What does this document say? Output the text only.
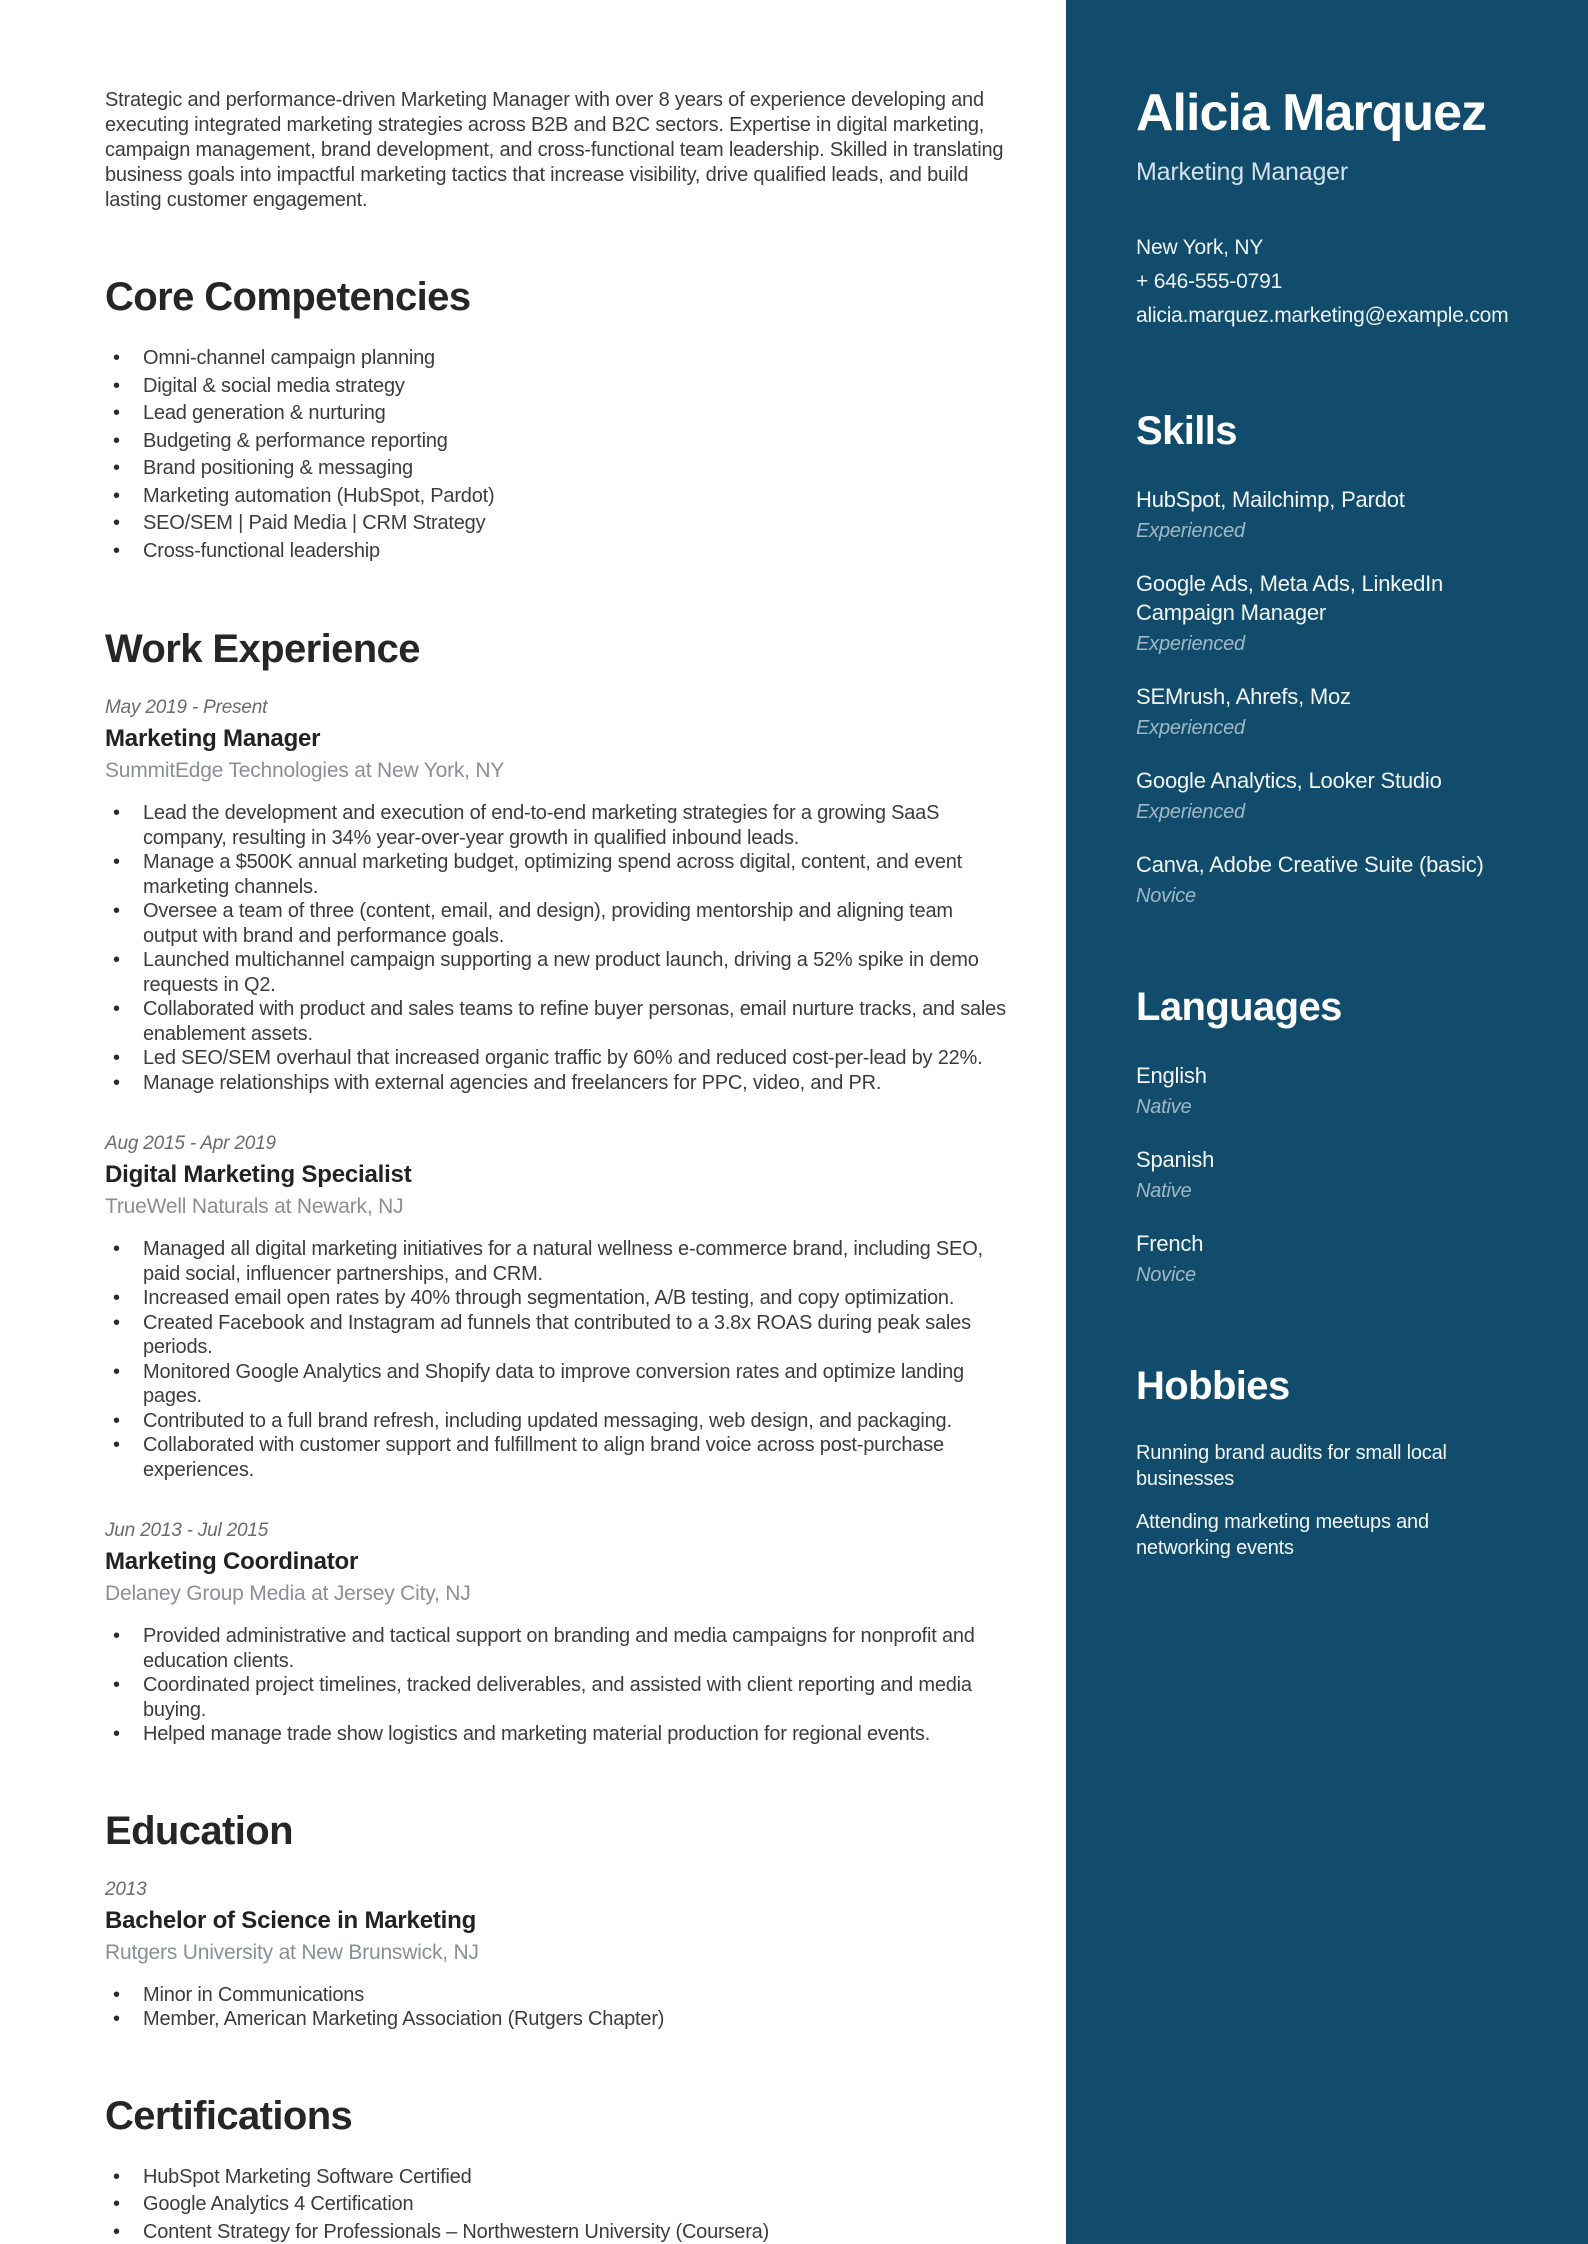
Strategic and performance-driven Marketing Manager with over 8 years of experience developing and executing integrated marketing strategies across B2B and B2C sectors. Expertise in digital marketing, campaign management, brand development, and cross-functional team leadership. Skilled in translating business goals into impactful marketing tactics that increase visibility, drive qualified leads, and build lasting customer engagement.

Core Competencies
• Omni-channel campaign planning
• Digital & social media strategy
• Lead generation & nurturing
• Budgeting & performance reporting
• Brand positioning & messaging
• Marketing automation (HubSpot, Pardot)
• SEO/SEM | Paid Media | CRM Strategy
• Cross-functional leadership
Work Experience
May 2019 - Present
Marketing Manager
SummitEdge Technologies at New York, NY
• Lead the development and execution of end-to-end marketing strategies for a growing SaaS company, resulting in 34% year-over-year growth in qualified inbound leads.
• Manage a $500K annual marketing budget, optimizing spend across digital, content, and event marketing channels.
• Oversee a team of three (content, email, and design), providing mentorship and aligning team output with brand and performance goals.
• Launched multichannel campaign supporting a new product launch, driving a 52% spike in demo requests in Q2.
• Collaborated with product and sales teams to refine buyer personas, email nurture tracks, and sales enablement assets.
• Led SEO/SEM overhaul that increased organic traffic by 60% and reduced cost-per-lead by 22%.
• Manage relationships with external agencies and freelancers for PPC, video, and PR.
Aug 2015 - Apr 2019
Digital Marketing Specialist
TrueWell Naturals at Newark, NJ
• Managed all digital marketing initiatives for a natural wellness e-commerce brand, including SEO, paid social, influencer partnerships, and CRM.
• Increased email open rates by 40% through segmentation, A/B testing, and copy optimization.
• Created Facebook and Instagram ad funnels that contributed to a 3.8x ROAS during peak sales periods.
• Monitored Google Analytics and Shopify data to improve conversion rates and optimize landing pages.
• Contributed to a full brand refresh, including updated messaging, web design, and packaging.
• Collaborated with customer support and fulfillment to align brand voice across post-purchase experiences.
Jun 2013 - Jul 2015
Marketing Coordinator
Delaney Group Media at Jersey City, NJ
• Provided administrative and tactical support on branding and media campaigns for nonprofit and education clients.
• Coordinated project timelines, tracked deliverables, and assisted with client reporting and media buying.
• Helped manage trade show logistics and marketing material production for regional events.
Education
2013
Bachelor of Science in Marketing
Rutgers University at New Brunswick, NJ
• Minor in Communications
• Member, American Marketing Association (Rutgers Chapter)
Certifications
• HubSpot Marketing Software Certified
• Google Analytics 4 Certification
• Content Strategy for Professionals – Northwestern University (Coursera)
Alicia Marquez
Marketing Manager
New York, NY
+ 646-555-0791
alicia.marquez.marketing@example.com
Skills
HubSpot, Mailchimp, Pardot
Experienced
Google Ads, Meta Ads, LinkedIn Campaign Manager
Experienced
SEMrush, Ahrefs, Moz
Experienced
Google Analytics, Looker Studio
Experienced
Canva, Adobe Creative Suite (basic)
Novice
Languages
English
Native
Spanish
Native
French
Novice
Hobbies
Running brand audits for small local businesses
Attending marketing meetups and networking events
